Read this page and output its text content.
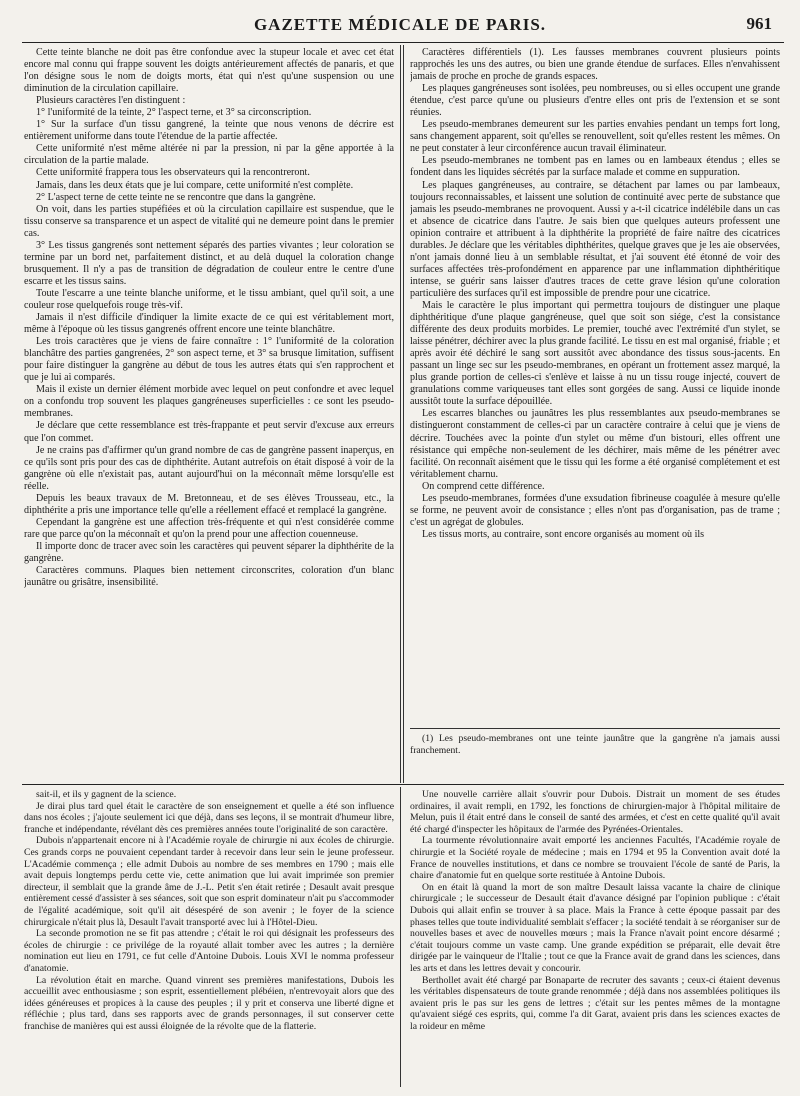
GAZETTE MÉDICALE DE PARIS.	961

Cette teinte blanche ne doit pas être confondue avec la stupeur locale et avec cet état encore mal connu qui frappe souvent les doigts antérieurement affectés de panaris, et que l'on désigne sous le nom de doigts morts, état qui n'est qu'une suspension ou une diminution de la circulation capillaire.

Plusieurs caractères l'en distinguent :

1° l'uniformité de la teinte, 2° l'aspect terne, et 3° sa circonscription.

1° Sur la surface d'un tissu gangrené, la teinte que nous venons de décrire est entièrement uniforme dans toute l'étendue de la partie affectée.

Cette uniformité n'est même altérée ni par la pression, ni par la gêne apportée à la circulation de la partie malade.

Cette uniformité frappera tous les observateurs qui la rencontreront.

Jamais, dans les deux états que je lui compare, cette uniformité n'est complète.

2° L'aspect terne de cette teinte ne se rencontre que dans la gangrène.

On voit, dans les parties stupéfiées et où la circulation capillaire est suspendue, que le tissu conserve sa transparence et un aspect de vitalité qui ne demeure point dans le premier cas.

3° Les tissus gangrenés sont nettement séparés des parties vivantes ; leur coloration se termine par un bord net, parfaitement distinct, et au delà duquel la coloration change brusquement. Il n'y a pas de transition de dégradation de couleur entre le centre d'une escarre et les tissus sains.

Toute l'escarre a une teinte blanche uniforme, et le tissu ambiant, quel qu'il soit, a une couleur rose quelquefois rouge très-vif.

Jamais il n'est difficile d'indiquer la limite exacte de ce qui est véritablement mort, même à l'époque où les tissus gangrenés offrent encore une teinte blanchâtre.

Les trois caractères que je viens de faire connaître : 1° l'uniformité de la coloration blanchâtre des parties gangrenées, 2° son aspect terne, et 3° sa brusque limitation, suffisent pour faire distinguer la gangrène au début de tous les autres états qui s'en rapprochent et que je lui ai comparés.

Mais il existe un dernier élément morbide avec lequel on peut confondre et avec lequel on a confondu trop souvent les plaques gangréneuses superficielles : ce sont les pseudo-membranes.

Je déclare que cette ressemblance est très-frappante et peut servir d'excuse aux erreurs que l'on commet.

Je ne crains pas d'affirmer qu'un grand nombre de cas de gangrène passent inaperçus, en ce qu'ils sont pris pour des cas de diphthérite. Autant autrefois on était disposé à voir de la gangrène où elle n'existait pas, autant aujourd'hui on la méconnaît même lorsqu'elle est réelle.

Depuis les beaux travaux de M. Bretonneau, et de ses élèves Trousseau, etc., la diphthérite a pris une importance telle qu'elle a réellement effacé et remplacé la gangrène.

Cependant la gangrène est une affection très-fréquente et qui n'est considérée comme rare que parce qu'on la méconnaît et qu'on la prend pour une affection couenneuse.

Il importe donc de tracer avec soin les caractères qui peuvent séparer la diphthérite de la gangrène.

Caractères communs. Plaques bien nettement circonscrites, coloration d'un blanc jaunâtre ou grisâtre, insensibilité.

Caractères différentiels (1). Les fausses membranes couvrent plusieurs points rapprochés les uns des autres, ou bien une grande étendue de surfaces. Elles n'envahissent jamais de proche en proche de grands espaces.

Les plaques gangréneuses sont isolées, peu nombreuses, ou si elles occupent une grande étendue, c'est parce qu'une ou plusieurs d'entre elles ont pris de l'extension et se sont réunies.

Les pseudo-membranes demeurent sur les parties envahies pendant un temps fort long, sans changement apparent, soit qu'elles se renouvellent, soit qu'elles restent les mêmes. On ne peut constater à leur circonférence aucun travail éliminateur.

Les pseudo-membranes ne tombent pas en lames ou en lambeaux étendus ; elles se fondent dans les liquides sécrétés par la surface malade et comme en suppuration.

Les plaques gangréneuses, au contraire, se détachent par lames ou par lambeaux, toujours reconnaissables, et laissent une solution de continuité avec perte de substance que jamais les pseudo-membranes ne provoquent. Aussi y a-t-il cicatrice indélébile dans un cas et absence de cicatrice dans l'autre. Je sais bien que quelques auteurs professent une opinion contraire et attribuent à la diphthérite la propriété de faire naître des cicatrices durables. Je déclare que les véritables diphthérites, quelque graves que je les aie observées, n'ont jamais donné lieu à un semblable résultat, et j'ai souvent été étonné de voir des surfaces affectées très-profondément en apparence par une inflammation diphthéritique intense, se guérir sans laisser d'autres traces de cette grave lésion qu'une coloration particulière des surfaces qu'il est impossible de prendre pour une cicatrice.

Mais le caractère le plus important qui permettra toujours de distinguer une plaque diphthéritique d'une plaque gangréneuse, quel que soit son siége, c'est la consistance différente des deux produits morbides. Le premier, touché avec l'extrémité d'un stylet, se laisse pénétrer, déchirer avec la plus grande facilité. Le tissu en est mal organisé, friable ; et après avoir été déchiré le sang sort aussitôt avec abondance des tissus sous-jacents. En passant un linge sec sur les pseudo-membranes, en opérant un frottement assez marqué, la plus grande portion de celles-ci s'enlève et laisse à nu un tissu rouge injecté, couvert de granulations comme variqueuses tant elles sont gorgées de sang. Aussi ce liquide inonde aussitôt toute la surface dépouillée.

Les escarres blanches ou jaunâtres les plus ressemblantes aux pseudo-membranes se distingueront constamment de celles-ci par un caractère contraire à celui que je viens de décrire. Touchées avec la pointe d'un stylet ou même d'un bistouri, elles offrent une résistance qui empêche non-seulement de les déchirer, mais même de les pénétrer avec facilité. On reconnaît aisément que le tissu qui les forme a été organisé complétement et est véritablement charnu.

On comprend cette différence.

Les pseudo-membranes, formées d'une exsudation fibrineuse coagulée à mesure qu'elle se forme, ne peuvent avoir de consistance ; elles n'ont pas d'organisation, pas de trame ; c'est un agrégat de globules.

Les tissus morts, au contraire, sont encore organisés au moment où ils

(1) Les pseudo-membranes ont une teinte jaunâtre que la gangrène n'a jamais aussi franchement.

sait-il, et ils y gagnent de la science.

Je dirai plus tard quel était le caractère de son enseignement et quelle a été son influence dans nos écoles ; j'ajoute seulement ici que déjà, dans ses leçons, il se montrait d'humeur libre, franche et indépendante, révélant dès ces premières années toute l'originalité de son caractère.

Dubois n'appartenait encore ni à l'Académie royale de chirurgie ni aux écoles de chirurgie. Ces grands corps ne pouvaient cependant tarder à recevoir dans leur sein le jeune professeur. L'Académie commença ; elle admit Dubois au nombre de ses membres en 1790 ; mais elle avait depuis longtemps perdu cette vie, cette animation que lui avait imprimée son premier directeur, il semblait que la grande âme de J.-L. Petit s'en était retirée ; Desault avait presque entièrement cessé d'assister à ses séances, soit que son esprit dominateur n'ait pu s'accommoder de l'égalité académique, soit qu'il ait désespéré de son avenir ; le foyer de la science chirurgicale n'était plus là, Desault l'avait transporté avec lui à l'Hôtel-Dieu.

La seconde promotion ne se fit pas attendre ; c'était le roi qui désignait les professeurs des écoles de chirurgie : ce privilége de la royauté allait tomber avec les autres ; la dernière nomination eut lieu en 1791, ce fut celle d'Antoine Dubois. Louis XVI le nomma professeur d'anatomie.

La révolution était en marche. Quand vinrent ses premières manifestations, Dubois les accueillit avec enthousiasme ; son esprit, essentiellement plébéien, n'entrevoyait alors que des idées généreuses et propices à la cause des peuples ; il y prit et conserva une liberté digne et réfléchie ; plus tard, dans ses rapports avec de grands personnages, il sut conserver cette franchise de manières qui est aussi éloignée de la révolte que de la flatterie.

Une nouvelle carrière allait s'ouvrir pour Dubois. Distrait un moment de ses études ordinaires, il avait rempli, en 1792, les fonctions de chirurgien-major à l'hôpital militaire de Melun, puis il était entré dans le conseil de santé des armées, et c'est en cette qualité qu'il avait été chargé d'inspecter les hôpitaux de l'armée des Pyrénées-Orientales.

La tourmente révolutionnaire avait emporté les anciennes Facultés, l'Académie royale de chirurgie et la Société royale de médecine ; mais en 1794 et 95 la Convention avait doté la France de nouvelles institutions, et dans ce nombre se trouvaient l'école de santé de Paris, la chaire d'anatomie fut en quelque sorte restituée à Antoine Dubois.

On en était là quand la mort de son maître Desault laissa vacante la chaire de clinique chirurgicale ; le successeur de Desault était d'avance désigné par l'opinion publique : c'était Dubois qui allait enfin se trouver à sa place. Mais la France à cette époque passait par des phases telles que toute individualité semblait s'effacer ; la société tendait à se réorganiser sur de nouvelles bases et avec de nouvelles mœurs ; mais la France n'avait point encore désarmé ; c'était toujours comme un vaste camp. Une grande expédition se préparait, elle devait être dirigée par le vainqueur de l'Italie ; tout ce que la France avait de grand dans les sciences, dans les arts et dans les lettres devait y concourir.

Berthollet avait été chargé par Bonaparte de recruter des savants ; ceux-ci étaient devenus les véritables dispensateurs de toute grande renommée ; déjà dans nos assemblées politiques ils avaient pris le pas sur les gens de lettres ; c'était sur les pentes mêmes de la montagne qu'avaient siégé ces esprits, qui, comme l'a dit Garat, avaient pris dans les sciences exactes de la roideur en même
